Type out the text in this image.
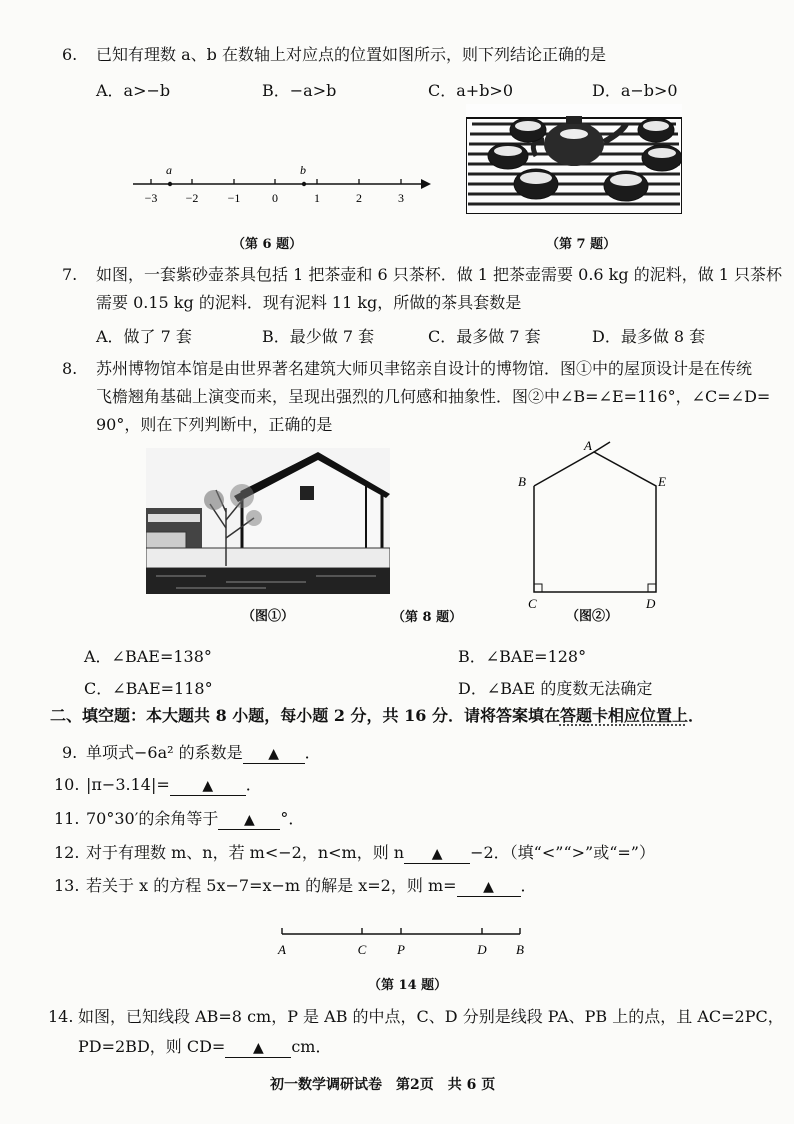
6. 已知有理数 a、b 在数轴上对应点的位置如图所示，则下列结论正确的是
A．a>−b	B．−a>b	C．a+b>0	D．a−b>0
a	b
−3 −2 −1	0	1	2	3
（第 6 题）	（第 7 题）
7. 如图，一套紫砂壶茶具包括 1 把茶壶和 6 只茶杯．做 1 把茶壶需要 0.6 kg 的泥料，做 1 只茶杯
需要 0.15 kg 的泥料．现有泥料 11 kg，所做的茶具套数是
A．做了 7 套	B．最少做 7 套	C．最多做 7 套	D．最多做 8 套
8. 苏州博物馆本馆是由世界著名建筑大师贝聿铭亲自设计的博物馆．图①中的屋顶设计是在传统
飞檐翘角基础上演变而来，呈现出强烈的几何感和抽象性．图②中∠B=∠E=116°，∠C=∠D=
90°，则在下列判断中，正确的是
（图①）	（第 8 题）	（图②）
A
B	E
C	D
A．∠BAE=138°	B．∠BAE=128°
C．∠BAE=118°	D．∠BAE 的度数无法确定
二、填空题：本大题共 8 小题，每小题 2 分，共 16 分．请将答案填在答题卡相应位置上．
9. 单项式−6a² 的系数是 ▲ ．
10. |π−3.14|= ▲ ．
11. 70°30′的余角等于 ▲ °．
12. 对于有理数 m、n，若 m<−2，n<m，则 n ▲ −2．（填“<”“>”或“=”）
13. 若关于 x 的方程 5x−7=x−m 的解是 x=2，则 m= ▲ ．
A	C P	D B
（第 14 题）
14. 如图，已知线段 AB=8 cm，P 是 AB 的中点，C、D 分别是线段 PA、PB 上的点，且 AC=2PC，
PD=2BD，则 CD= ▲ cm．
初一数学调研试卷　第2页　共 6 页
